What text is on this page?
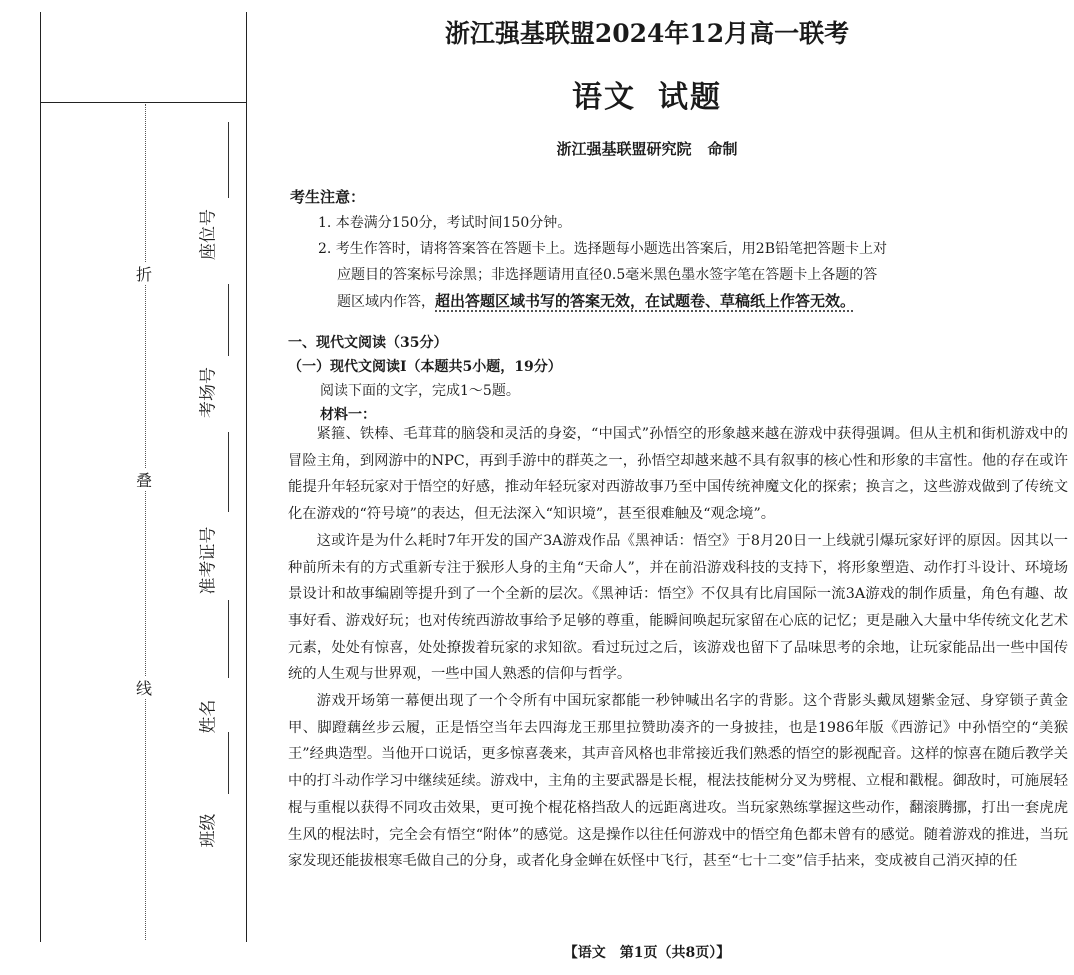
折
叠
线
座位号
考场号
准考证号
姓名
班级
浙江强基联盟2024年12月高一联考
语文 试题
浙江强基联盟研究院 命制
考生注意：
1. 本卷满分150分，考试时间150分钟。
2. 考生作答时，请将答案答在答题卡上。选择题每小题选出答案后，用2B铅笔把答题卡上对
应题目的答案标号涂黑；非选择题请用直径0.5毫米黑色墨水签字笔在答题卡上各题的答
题区域内作答，超出答题区域书写的答案无效，在试题卷、草稿纸上作答无效。
一、现代文阅读（35分）
（一）现代文阅读Ⅰ（本题共5小题，19分）
阅读下面的文字，完成1～5题。
材料一：

紧箍、铁棒、毛茸茸的脑袋和灵活的身姿，“中国式”孙悟空的形象越来越在游戏中获得强调。但从主机和街机游戏中的冒险主角，到网游中的NPC，再到手游中的群英之一，孙悟空却越来越不具有叙事的核心性和形象的丰富性。他的存在或许能提升年轻玩家对于悟空的好感，推动年轻玩家对西游故事乃至中国传统神魔文化的探索；换言之，这些游戏做到了传统文化在游戏的“符号境”的表达，但无法深入“知识境”，甚至很难触及“观念境”。

这或许是为什么耗时7年开发的国产3A游戏作品《黑神话：悟空》于8月20日一上线就引爆玩家好评的原因。因其以一种前所未有的方式重新专注于猴形人身的主角“天命人”，并在前沿游戏科技的支持下，将形象塑造、动作打斗设计、环境场景设计和故事编剧等提升到了一个全新的层次。《黑神话：悟空》不仅具有比肩国际一流3A游戏的制作质量，角色有趣、故事好看、游戏好玩；也对传统西游故事给予足够的尊重，能瞬间唤起玩家留在心底的记忆；更是融入大量中华传统文化艺术元素，处处有惊喜，处处撩拨着玩家的求知欲。看过玩过之后，该游戏也留下了品味思考的余地，让玩家能品出一些中国传统的人生观与世界观，一些中国人熟悉的信仰与哲学。

游戏开场第一幕便出现了一个令所有中国玩家都能一秒钟喊出名字的背影。这个背影头戴凤翅紫金冠、身穿锁子黄金甲、脚蹬藕丝步云履，正是悟空当年去四海龙王那里拉赞助凑齐的一身披挂，也是1986年版《西游记》中孙悟空的“美猴王”经典造型。当他开口说话，更多惊喜袭来，其声音风格也非常接近我们熟悉的悟空的影视配音。这样的惊喜在随后教学关中的打斗动作学习中继续延续。游戏中，主角的主要武器是长棍，棍法技能树分叉为劈棍、立棍和戳棍。御敌时，可施展轻棍与重棍以获得不同攻击效果，更可挽个棍花格挡敌人的远距离进攻。当玩家熟练掌握这些动作，翻滚腾挪，打出一套虎虎生风的棍法时，完全会有悟空“附体”的感觉。这是操作以往任何游戏中的悟空角色都未曾有的感觉。随着游戏的推进，当玩家发现还能拔根寒毛做自己的分身，或者化身金蝉在妖怪中飞行，甚至“七十二变”信手拈来，变成被自己消灭掉的任

【语文　第1页（共8页）】
